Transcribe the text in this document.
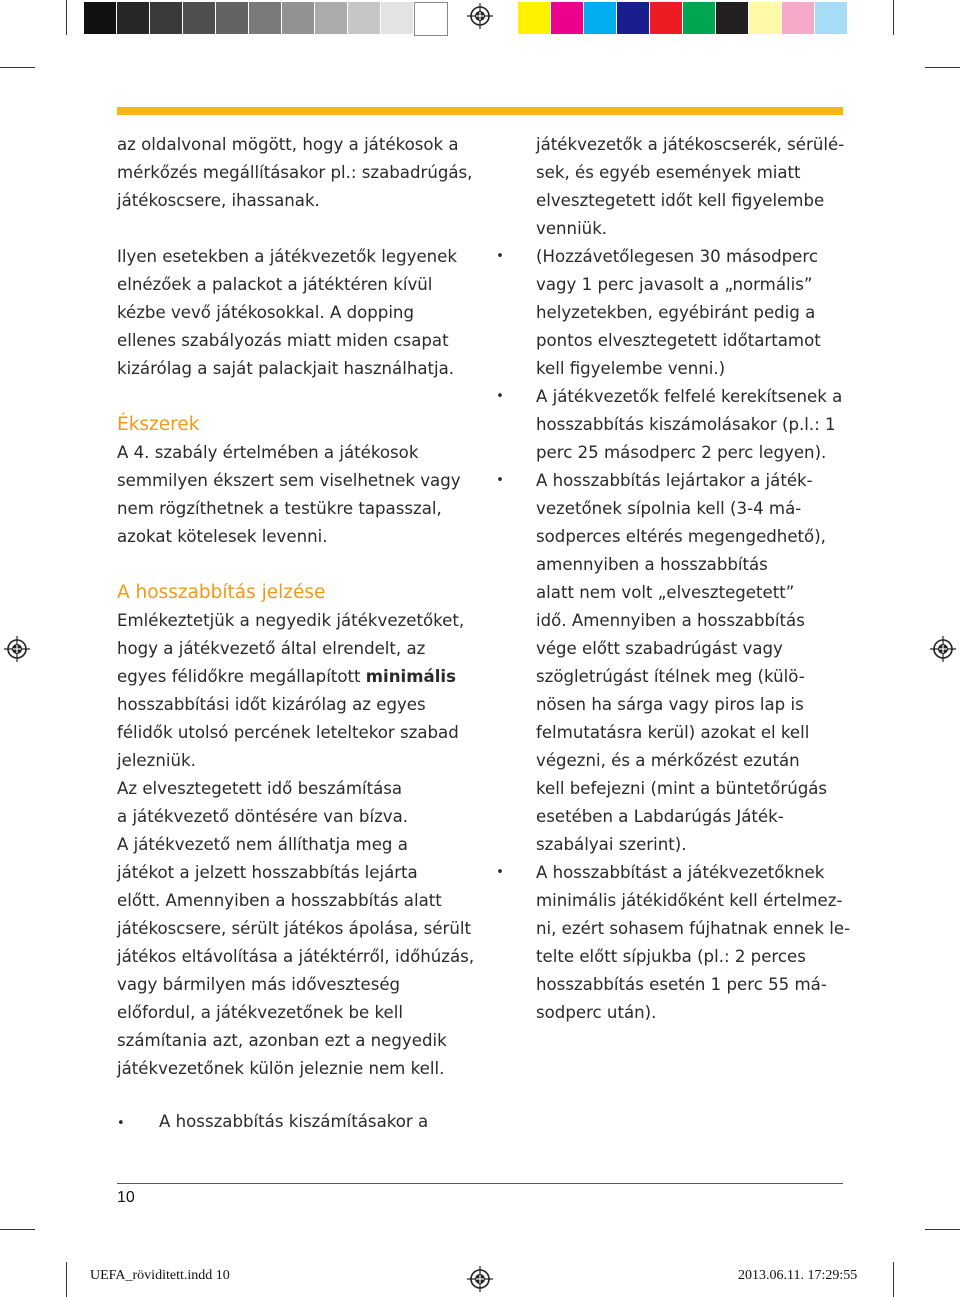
az oldalvonal mögött, hogy a játékosok a
mérkőzés megállításakor pl.: szabadrúgás,
játékoscsere, ihassanak.
Ilyen esetekben a játékvezetők legyenek
elnézőek a palackot a játéktéren kívül
kézbe vevő játékosokkal. A dopping
ellenes szabályozás miatt miden csapat
kizárólag a saját palackjait használhatja.
Ékszerek
A 4. szabály értelmében a játékosok
semmilyen ékszert sem viselhetnek vagy
nem rögzíthetnek a testükre tapasszal,
azokat kötelesek levenni.
A hosszabbítás jelzése
Emlékeztetjük a negyedik játékvezetőket,
hogy a játékvezető által elrendelt, az
egyes félidőkre megállapított minimális
hosszabbítási időt kizárólag az egyes
félidők utolsó percének leteltekor szabad
jelezniük.
Az elvesztegetett idő beszámítása
a játékvezető döntésére van bízva.
A játékvezető nem állíthatja meg a
játékot a jelzett hosszabbítás lejárta
előtt. Amennyiben a hosszabbítás alatt
játékoscsere, sérült játékos ápolása, sérült
játékos eltávolítása a játéktérről, időhúzás,
vagy bármilyen más időveszteség
előfordul, a játékvezetőnek be kell
számítania azt, azonban ezt a negyedik
játékvezetőnek külön jeleznie nem kell.
• A hosszabbítás kiszámításakor a
játékvezetők a játékoscserék, sérülé-
sek, és egyéb események miatt
elvesztegetett időt kell figyelembe
venniük.
• (Hozzávetőlegesen 30 másodperc
vagy 1 perc javasolt a „normális”
helyzetekben, egyébiránt pedig a
pontos elvesztegetett időtartamot
kell figyelembe venni.)
• A játékvezetők felfelé kerekítsenek a
hosszabbítás kiszámolásakor (p.l.: 1
perc 25 másodperc 2 perc legyen).
• A hosszabbítás lejártakor a játék-
vezetőnek sípolnia kell (3-4 má-
sodperces eltérés megengedhető),
amennyiben a hosszabbítás
alatt nem volt „elvesztegetett”
idő. Amennyiben a hosszabbítás
vége előtt szabadrúgást vagy
szögletrúgást ítélnek meg (külö-
nösen ha sárga vagy piros lap is
felmutatásra kerül) azokat el kell
végezni, és a mérkőzést ezután
kell befejezni (mint a büntetőrúgás
esetében a Labdarúgás Játék-
szabályai szerint).
• A hosszabbítást a játékvezetőknek
minimális játékidőként kell értelmez-
ni, ezért sohasem fújhatnak ennek le-
telte előtt sípjukba (pl.: 2 perces
hosszabbítás esetén 1 perc 55 má-
sodperc után).
10
UEFA_röviditett.indd 10	2013.06.11. 17:29:55
